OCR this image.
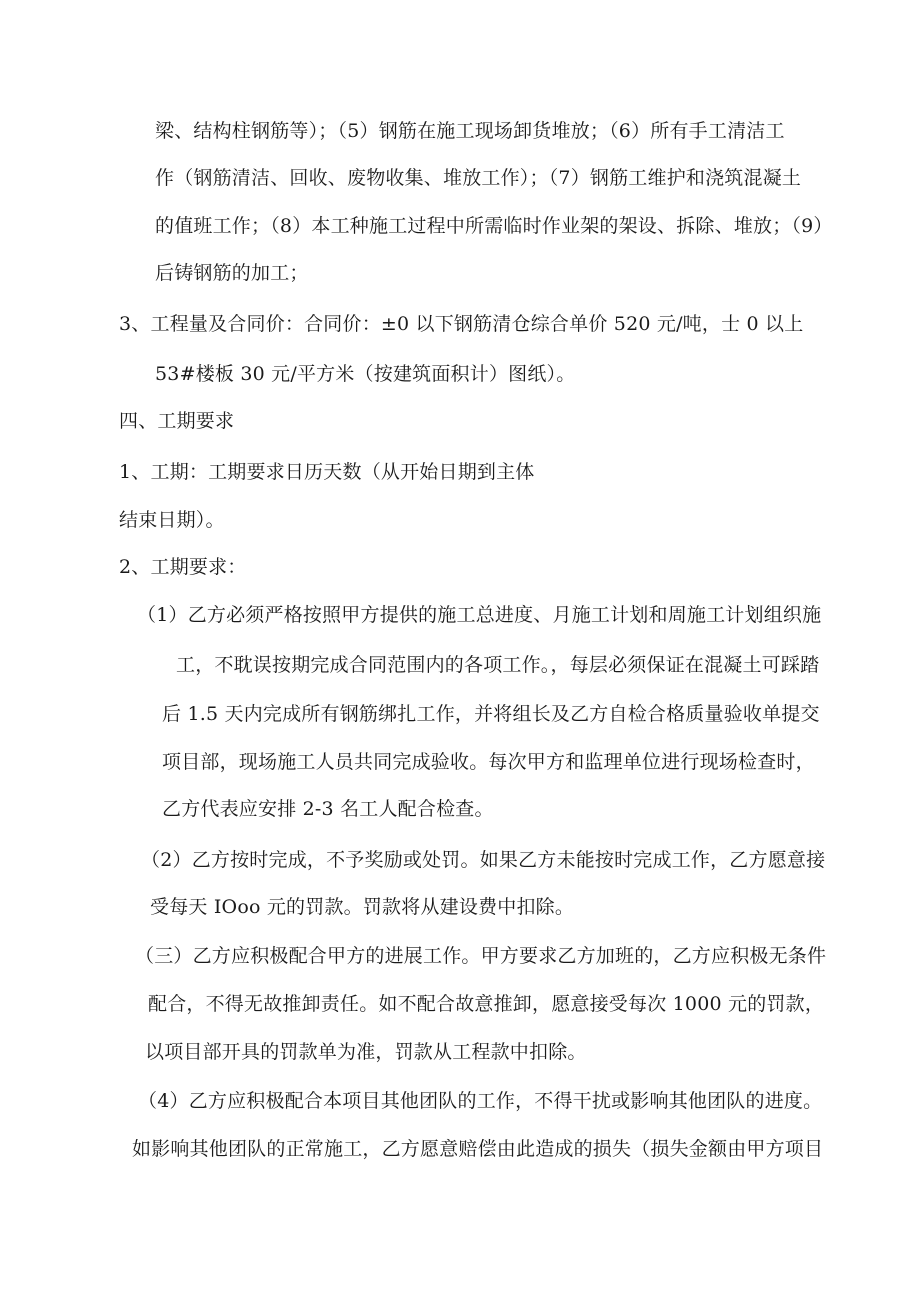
梁、结构柱钢筋等）；（5）钢筋在施工现场卸货堆放；（6）所有手工清洁工
作（钢筋清洁、回收、废物收集、堆放工作）；（7）钢筋工维护和浇筑混凝土
的值班工作；（8）本工种施工过程中所需临时作业架的架设、拆除、堆放；（9）
后铸钢筋的加工；
3、工程量及合同价：合同价：±0 以下钢筋清仓综合单价 520 元/吨，士 0 以上
53#楼板 30 元/平方米（按建筑面积计）图纸）。
四、工期要求
1、工期：工期要求日历天数（从开始日期到主体
结束日期）。
2、工期要求：
（1）乙方必须严格按照甲方提供的施工总进度、月施工计划和周施工计划组织施
工，不耽误按期完成合同范围内的各项工作。，每层必须保证在混凝土可踩踏
后 1.5 天内完成所有钢筋绑扎工作，并将组长及乙方自检合格质量验收单提交
项目部，现场施工人员共同完成验收。每次甲方和监理单位进行现场检查时，
乙方代表应安排 2-3 名工人配合检查。
（2）乙方按时完成，不予奖励或处罚。如果乙方未能按时完成工作，乙方愿意接
受每天 IOoo 元的罚款。罚款将从建设费中扣除。
（三）乙方应积极配合甲方的进展工作。甲方要求乙方加班的，乙方应积极无条件
配合，不得无故推卸责任。如不配合故意推卸，愿意接受每次 1000 元的罚款，
以项目部开具的罚款单为准，罚款从工程款中扣除。
（4）乙方应积极配合本项目其他团队的工作，不得干扰或影响其他团队的进度。
如影响其他团队的正常施工，乙方愿意赔偿由此造成的损失（损失金额由甲方项目
